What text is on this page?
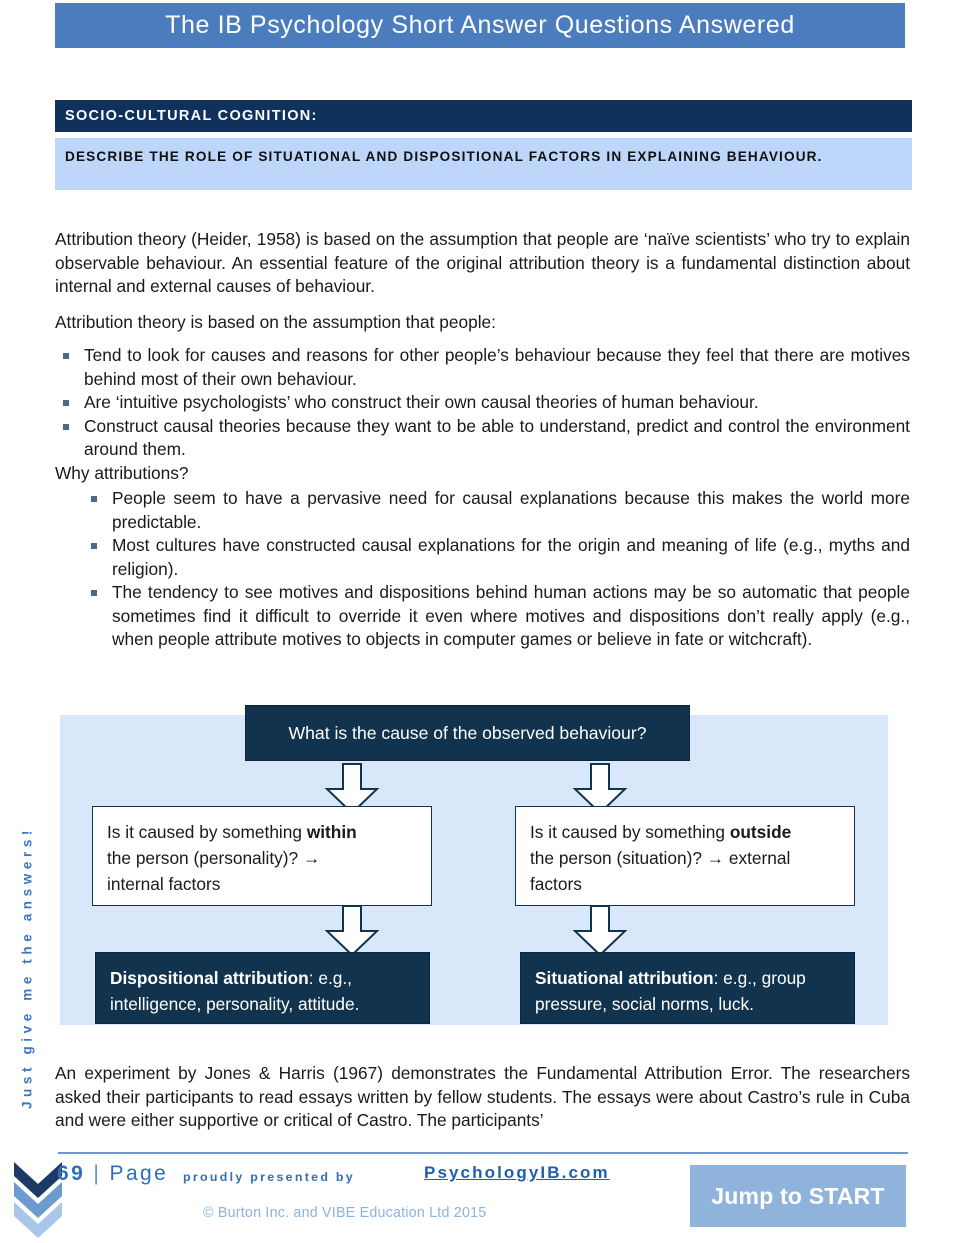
The IB Psychology Short Answer Questions Answered
SOCIO-CULTURAL COGNITION:
DESCRIBE THE ROLE OF SITUATIONAL AND DISPOSITIONAL FACTORS IN EXPLAINING BEHAVIOUR.

Attribution theory (Heider, 1958) is based on the assumption that people are ‘naïve scientists’ who try to explain observable behaviour. An essential feature of the original attribution theory is a fundamental distinction about internal and external causes of behaviour.

Attribution theory is based on the assumption that people:

Tend to look for causes and reasons for other people’s behaviour because they feel that there are motives behind most of their own behaviour.
Are ‘intuitive psychologists’ who construct their own causal theories of human behaviour.
Construct causal theories because they want to be able to understand, predict and control the environment around them.

Why attributions?

People seem to have a pervasive need for causal explanations because this makes the world more predictable.
Most cultures have constructed causal explanations for the origin and meaning of life (e.g., myths and religion).
The tendency to see motives and dispositions behind human actions may be so automatic that people sometimes find it difficult to override it even where motives and dispositions don’t really apply (e.g., when people attribute motives to objects in computer games or believe in fate or witchcraft).
What is the cause of the observed behaviour?
Is it caused by something within
the person (personality)? →
internal factors
Is it caused by something outside
the person (situation)? → external
factors
Dispositional attribution: e.g.,
intelligence, personality, attitude.
Situational attribution: e.g., group
pressure, social norms, luck.

An experiment by Jones & Harris (1967) demonstrates the Fundamental Attribution Error. The researchers asked their participants to read essays written by fellow students. The essays were about Castro’s rule in Cuba and were either supportive or critical of Castro. The participants’

Just give me the answers!
69 | Page proudly presented by	PsychologyIB.com
© Burton Inc. and VIBE Education Ltd 2015
Jump to START
